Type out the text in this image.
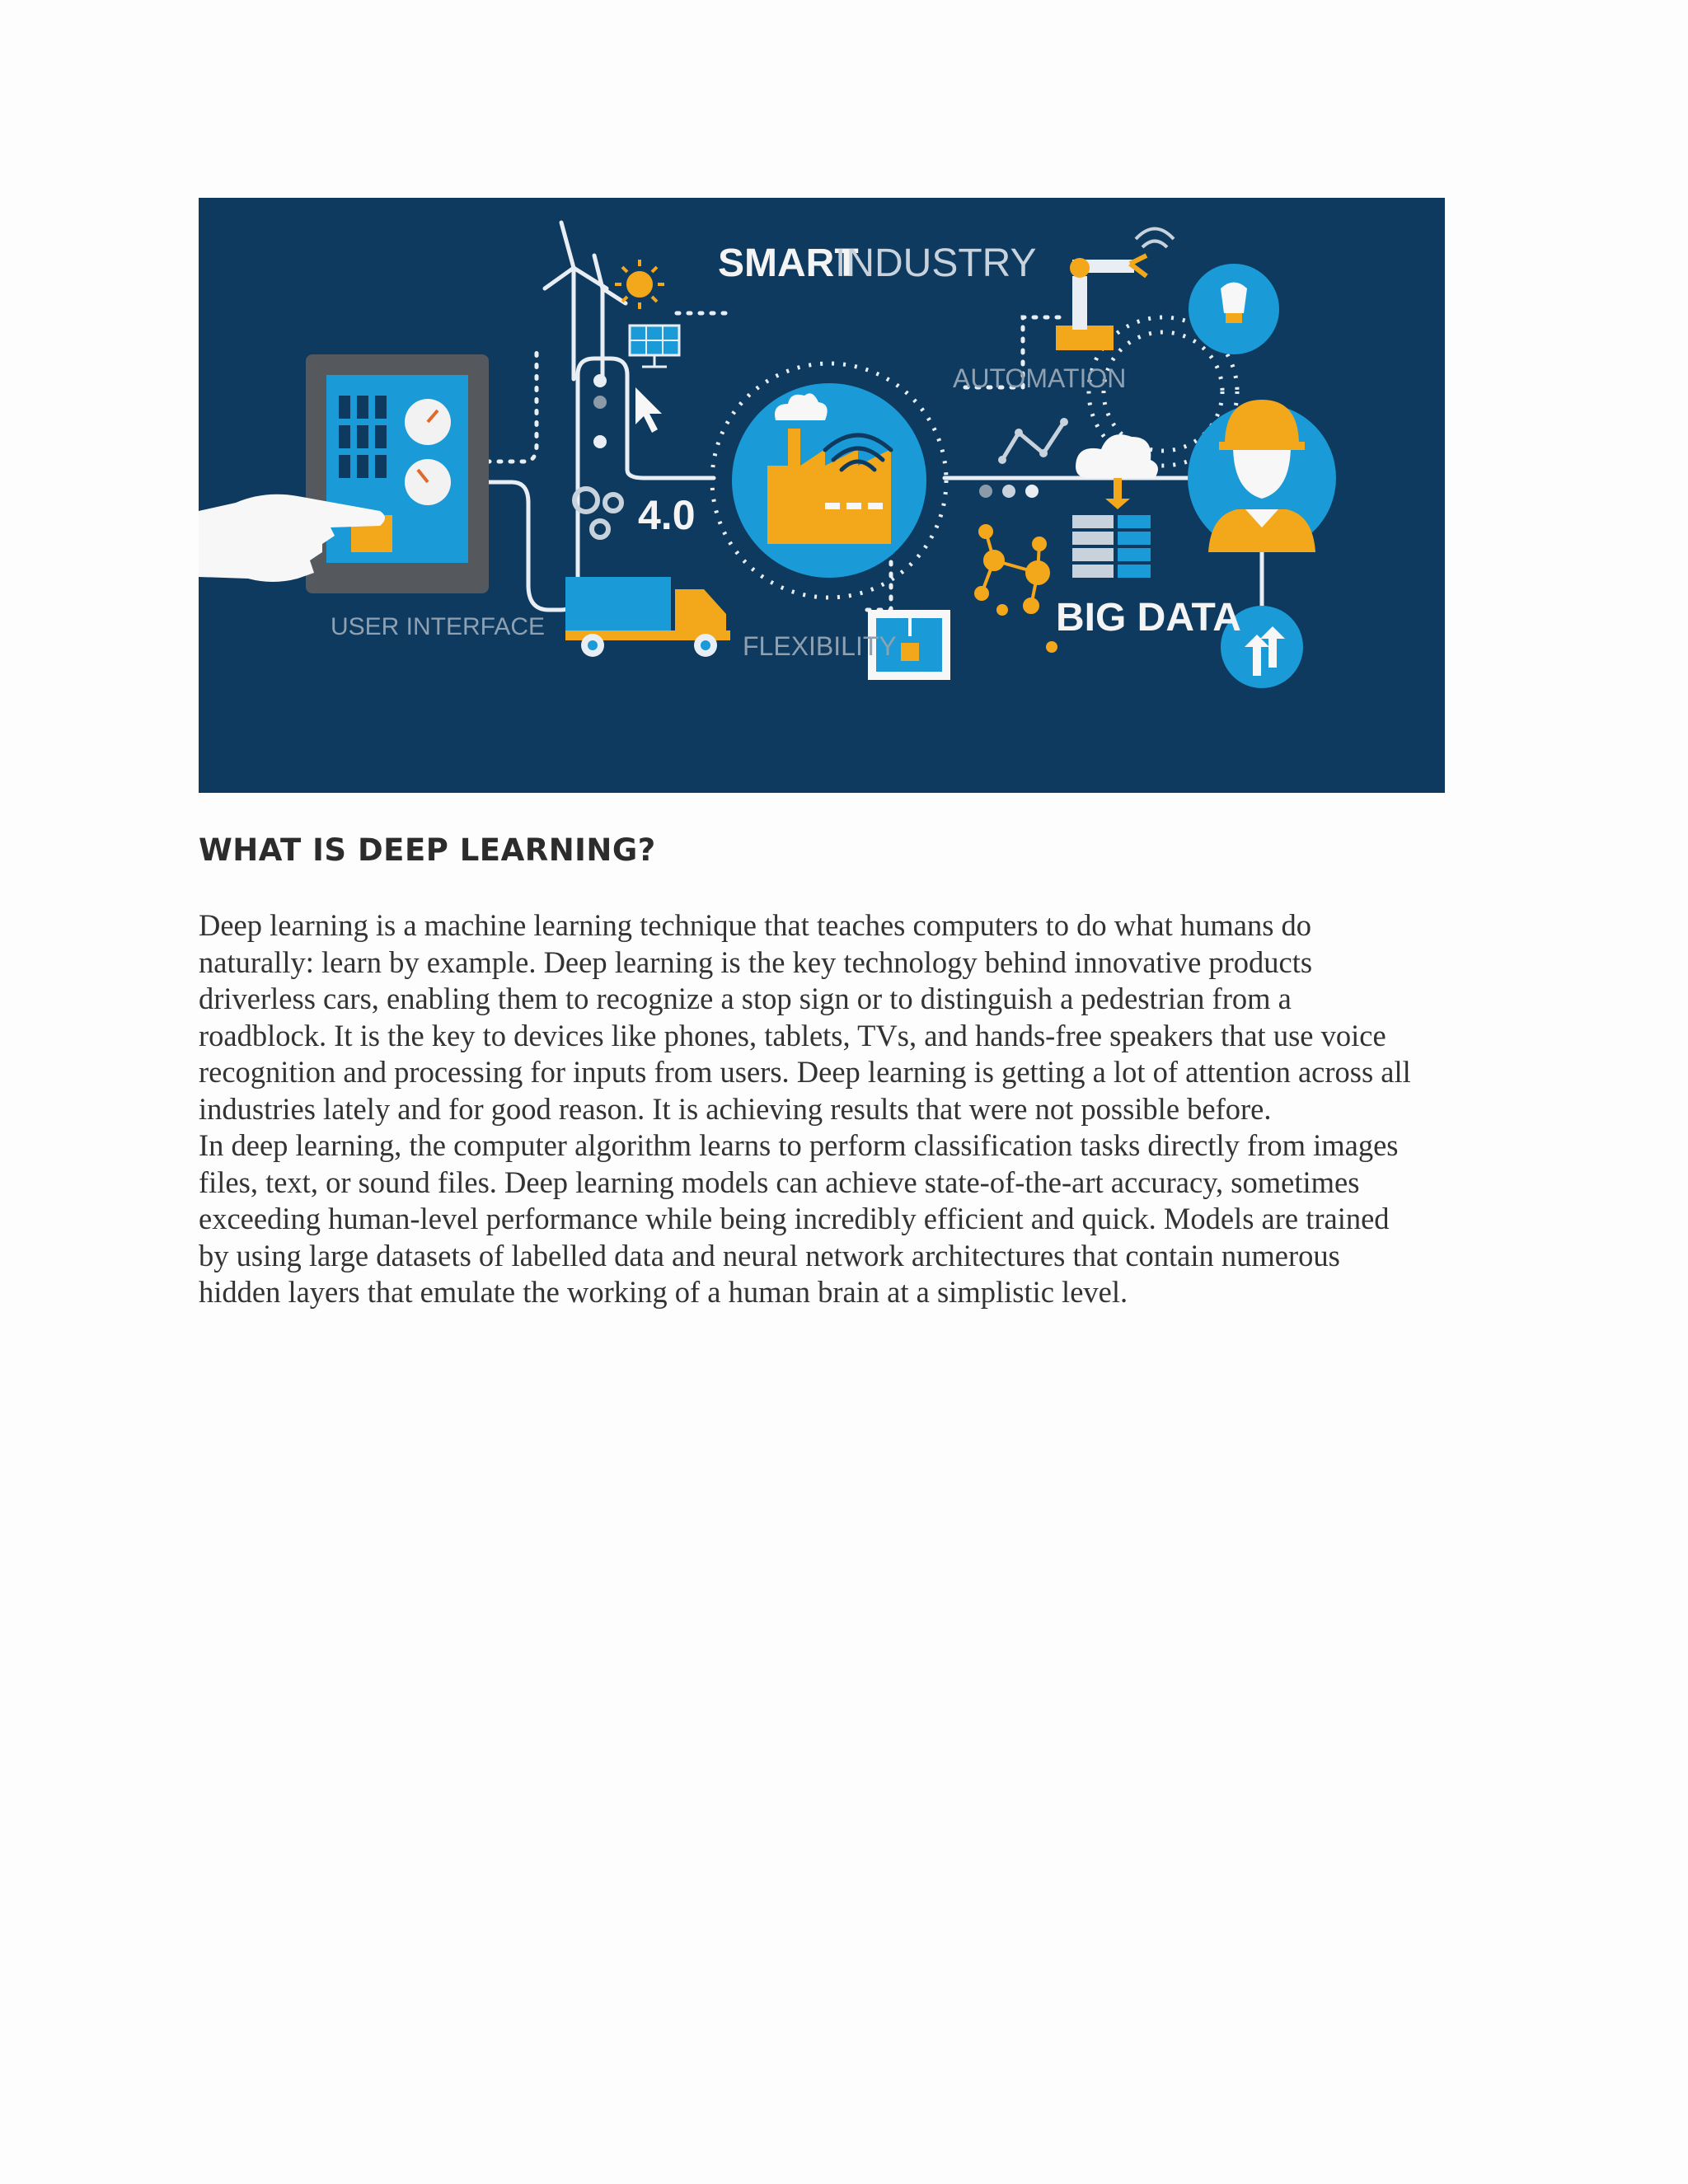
4.0
USER INTERFACE
SMART
INDUSTRY
AUTOMATION
BIG DATA
FLEXIBILITY
WHAT IS DEEP LEARNING?
Deep learning is a machine learning technique that teaches computers to do what humans do
naturally: learn by example. Deep learning is the key technology behind innovative products
driverless cars, enabling them to recognize a stop sign or to distinguish a pedestrian from a
roadblock. It is the key to devices like phones, tablets, TVs, and hands-free speakers that use voice
recognition and processing for inputs from users. Deep learning is getting a lot of attention across all
industries lately and for good reason. It is achieving results that were not possible before.
In deep learning, the computer algorithm learns to perform classification tasks directly from images
files, text, or sound files. Deep learning models can achieve state-of-the-art accuracy, sometimes
exceeding human-level performance while being incredibly efficient and quick. Models are trained
by using large datasets of labelled data and neural network architectures that contain numerous
hidden layers that emulate the working of a human brain at a simplistic level.
